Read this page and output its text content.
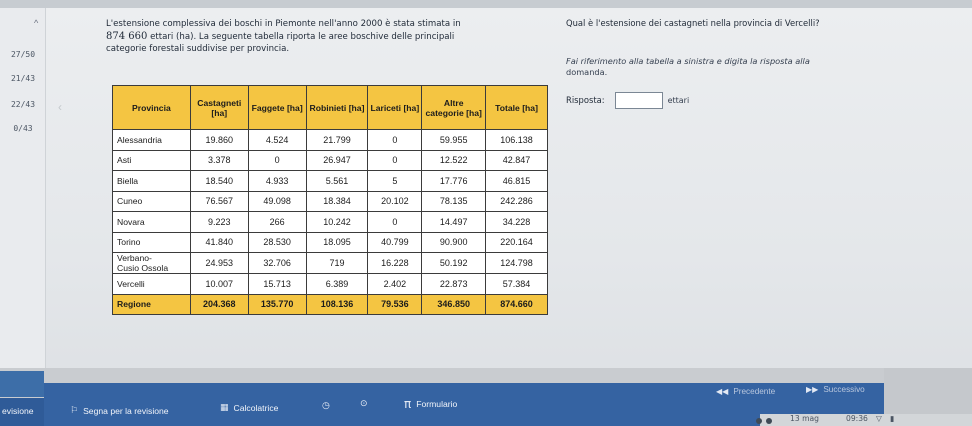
^
27/50
21/43
22/43
0/43
‹
L'estensione complessiva dei boschi in Piemonte nell'anno 2000 è stata stimata in
874 660 ettari (ha). La seguente tabella riporta le aree boschive delle principali
categorie forestali suddivise per provincia.
Provincia	Castagneti [ha]	Faggete [ha]	Robinieti [ha]	Lariceti [ha]	Altre categorie [ha]	Totale [ha]
Alessandria	19.860	4.524	21.799	0	59.955	106.138
Asti	3.378	0	26.947	0	12.522	42.847
Biella	18.540	4.933	5.561	5	17.776	46.815
Cuneo	76.567	49.098	18.384	20.102	78.135	242.286
Novara	9.223	266	10.242	0	14.497	34.228
Torino	41.840	28.530	18.095	40.799	90.900	220.164
Verbano-
Cusio Ossola	24.953	32.706	719	16.228	50.192	124.798
Vercelli	10.007	15.713	6.389	2.402	22.873	57.384
Regione	204.368	135.770	108.136	79.536	346.850	874.660
Qual è l'estensione dei castagneti nella provincia di Vercelli?
Fai riferimento alla tabella a sinistra e digita la risposta alla
domanda.
Risposta:	ettari
evisione	⚐ Segna per la revisione	▦ Calcolatrice	◷	⊙	π Formulario
◀◀ Precedente	▶▶ Successivo
13 mag	09:36 ▽ ▮
